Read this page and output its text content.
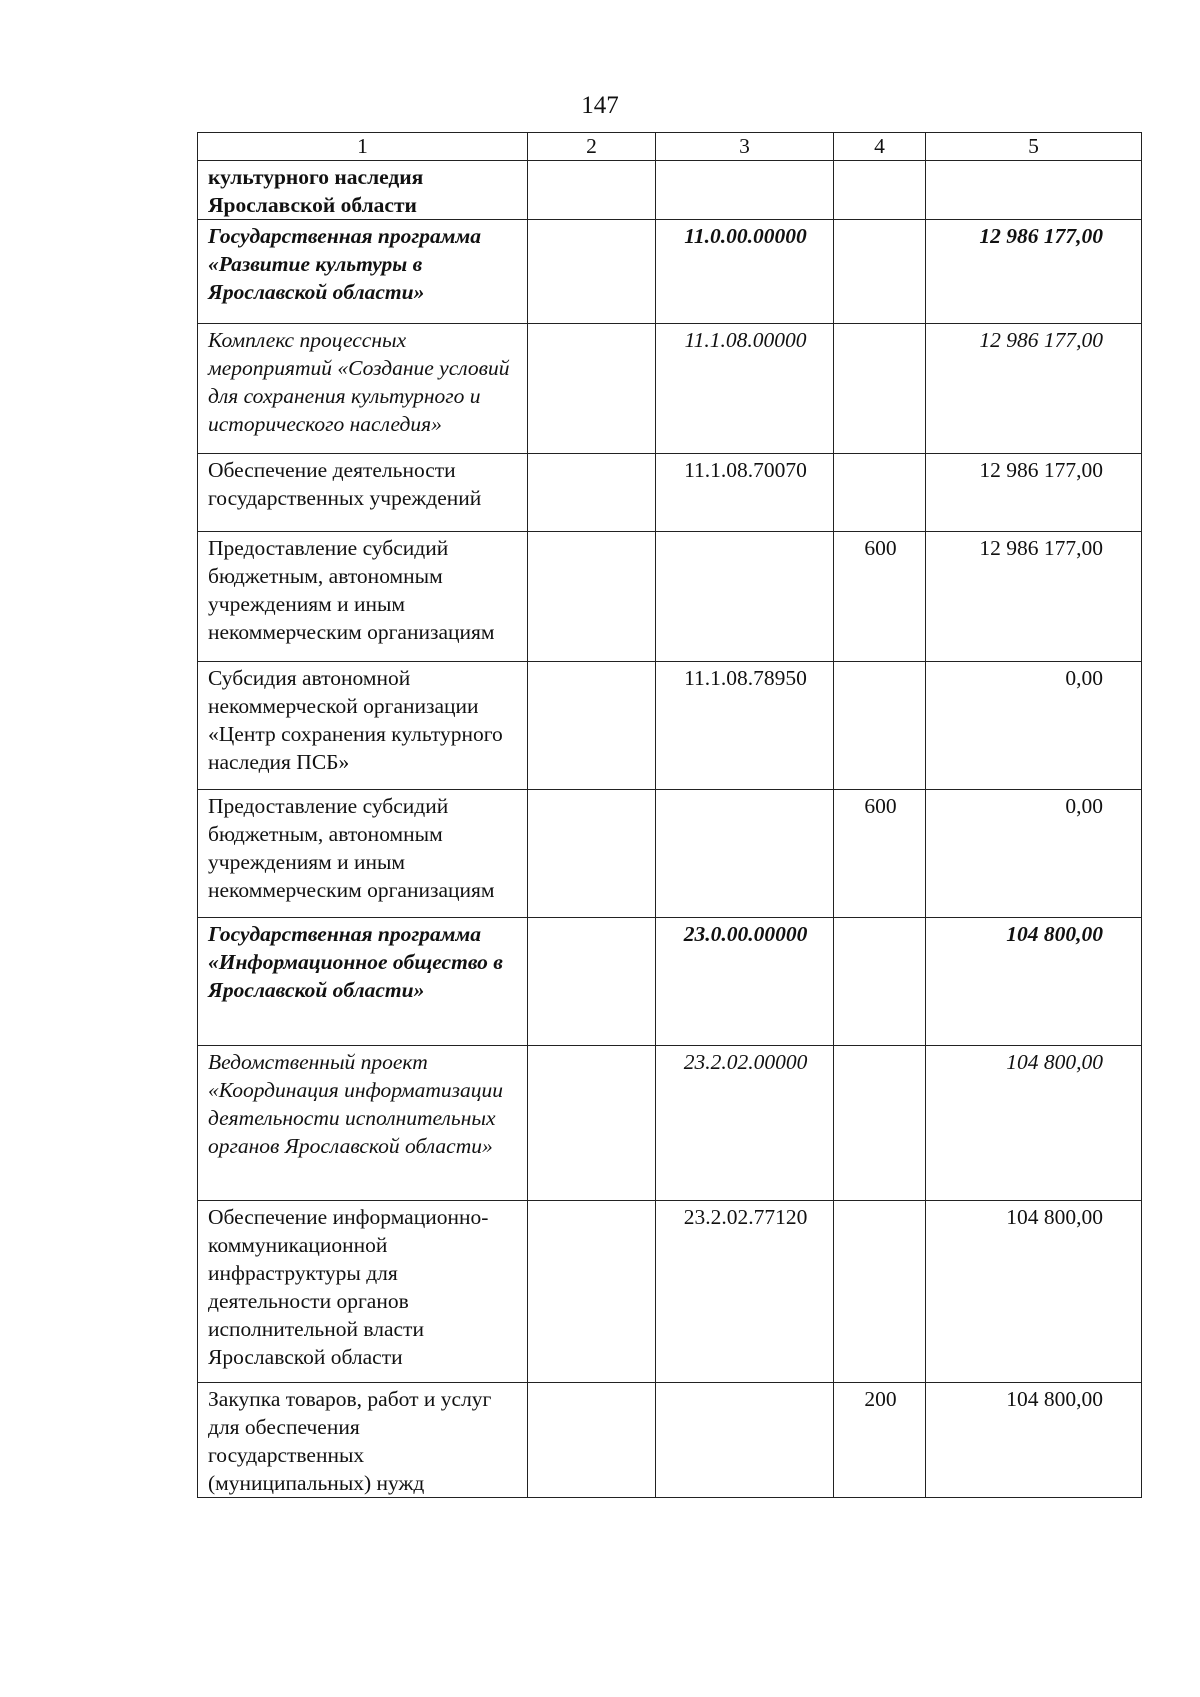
147
1	2	3	4	5
культурного наследия Ярославской области				
Государственная программа «Развитие культуры в Ярославской области»		11.0.00.00000		12 986 177,00
Комплекс процессных мероприятий «Создание условий для сохранения культурного и исторического наследия»		11.1.08.00000		12 986 177,00
Обеспечение деятельности государственных учреждений		11.1.08.70070		12 986 177,00
Предоставление субсидий бюджетным, автономным учреждениям и иным некоммерческим организациям			600	12 986 177,00
Субсидия автономной некоммерческой организации «Центр сохранения культурного наследия ПСБ»		11.1.08.78950		0,00
Предоставление субсидий бюджетным, автономным учреждениям и иным некоммерческим организациям			600	0,00
Государственная программа «Информационное общество в Ярославской области»		23.0.00.00000		104 800,00
Ведомственный проект «Координация информатизации деятельности исполнительных органов Ярославской области»		23.2.02.00000		104 800,00
Обеспечение информационно-коммуникационной инфраструктуры для деятельности органов исполнительной власти Ярославской области		23.2.02.77120		104 800,00
Закупка товаров, работ и услуг для обеспечения государственных (муниципальных) нужд			200	104 800,00
